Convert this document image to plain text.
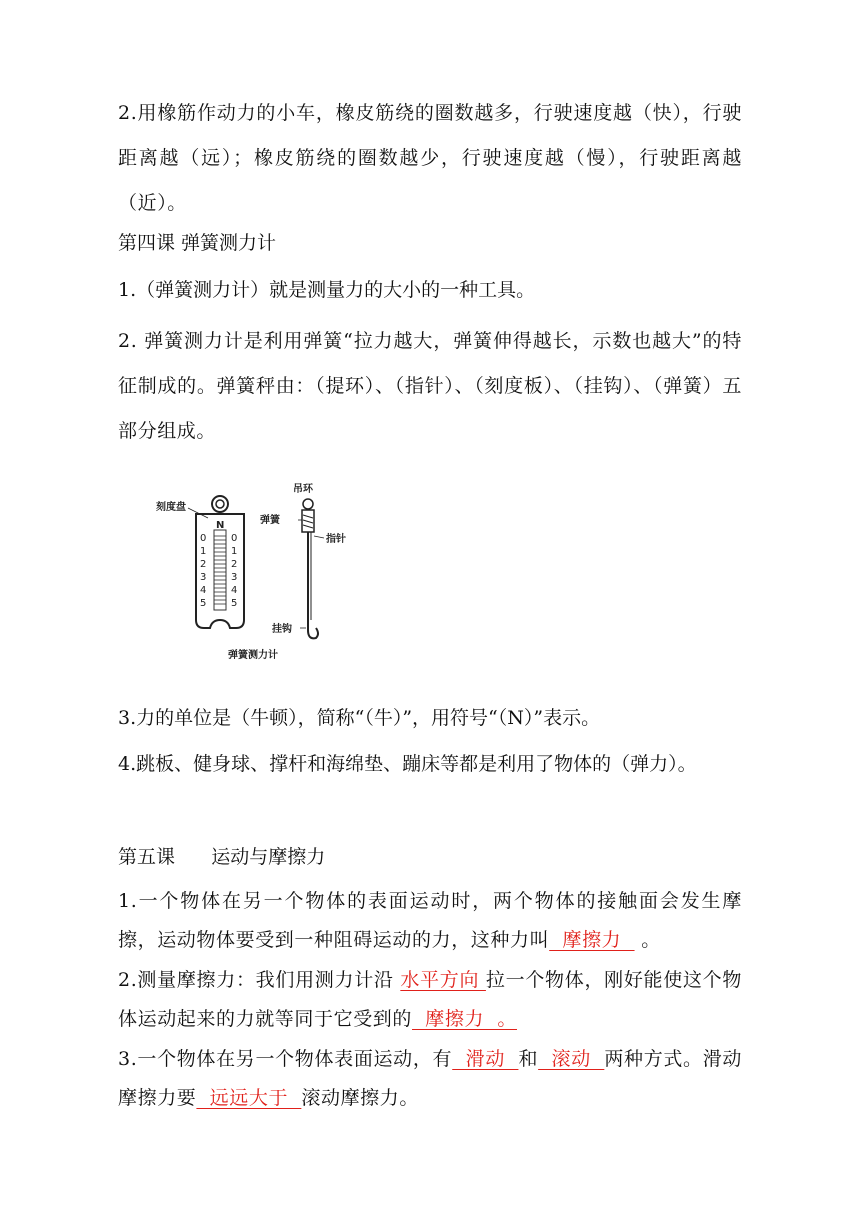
2.用橡筋作动力的小车，橡皮筋绕的圈数越多，行驶速度越（快），行驶距离越（远）；橡皮筋绕的圈数越少，行驶速度越（慢），行驶距离越（近）。

第四课 弹簧测力计

1.（弹簧测力计）就是测量力的大小的一种工具。

2. 弹簧测力计是利用弹簧“拉力越大，弹簧伸得越长，示数也越大”的特征制成的。弹簧秤由：（提环）、（指针）、（刻度板）、（挂钩）、（弹簧）五部分组成。

N
0
1
2
3
4
5
0
1
2
3
4
5
刻度盘
吊环
弹簧
指针
挂钩
弹簧测力计

3.力的单位是（牛顿），简称“（牛）”，用符号“（N）”表示。

4.跳板、健身球、撑杆和海绵垫、蹦床等都是利用了物体的（弹力）。

第五课      运动与摩擦力

1.一个物体在另一个物体的表面运动时，两个物体的接触面会发生摩擦，运动物体要受到一种阻碍运动的力，这种力叫  摩擦力   。

2.测量摩擦力：我们用测力计沿 水平方向 拉一个物体，刚好能使这个物体运动起来的力就等同于它受到的  摩擦力  。

3.一个物体在另一个物体表面运动，有  滑动  和  滚动  两种方式。滑动摩擦力要  远远大于  滚动摩擦力。
